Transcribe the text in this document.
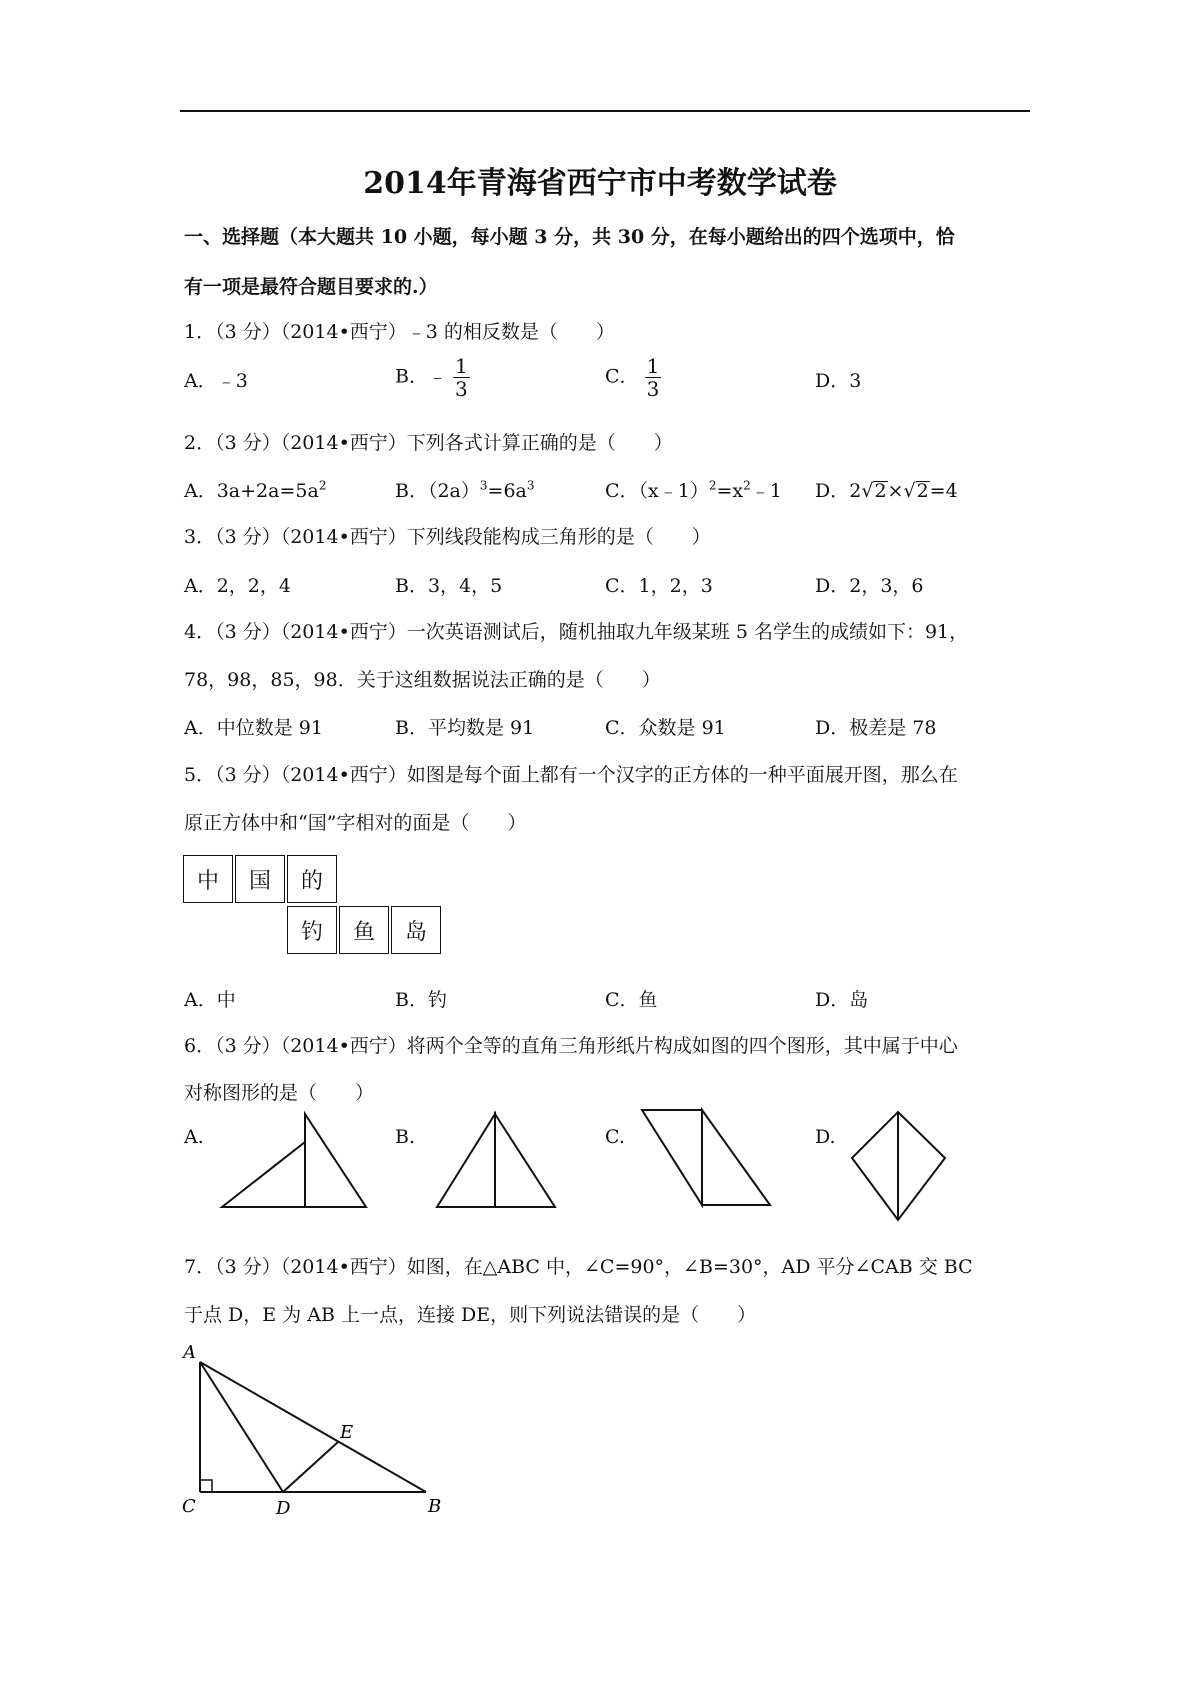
2014年青海省西宁市中考数学试卷
一、选择题（本大题共 10 小题，每小题 3 分，共 30 分，在每小题给出的四个选项中，恰
有一项是最符合题目要求的.）
1．（3 分）（2014•西宁）﹣3 的相反数是（　　）
A．﹣3	B．﹣ $\frac{1}{3}$	C． $\frac{1}{3}$	D．3
2．（3 分）（2014•西宁）下列各式计算正确的是（　　）
A．$3a+2a=5a^2$	B．$(2a)^3=6a^3$	C．$(x﹣1)^2=x^2﹣1$ D．2√2×√2=4
3．（3 分）（2014•西宁）下列线段能构成三角形的是（　　）
A．2，2，4	B．3，4，5	C．1，2，3	D．2，3，6
4．（3 分）（2014•西宁）一次英语测试后，随机抽取九年级某班 5 名学生的成绩如下：91，
78，98，85，98．关于这组数据说法正确的是（　　）
A．中位数是 91	B．平均数是 91	C．众数是 91	D．极差是 78
5．（3 分）（2014•西宁）如图是每个面上都有一个汉字的正方体的一种平面展开图，那么在
原正方体中和“国”字相对的面是（　　）
中	国	的
钓	鱼	岛
A．中	B．钓	C．鱼	D．岛
6．（3 分）（2014•西宁）将两个全等的直角三角形纸片构成如图的四个图形，其中属于中心
对称图形的是（　　）
A.	B.	C.	D.
7．（3 分）（2014•西宁）如图，在△ABC 中，∠C=90°，∠B=30°，AD 平分∠CAB 交 BC
于点 D，E 为 AB 上一点，连接 DE，则下列说法错误的是（　　）
A
C	D
E
B
